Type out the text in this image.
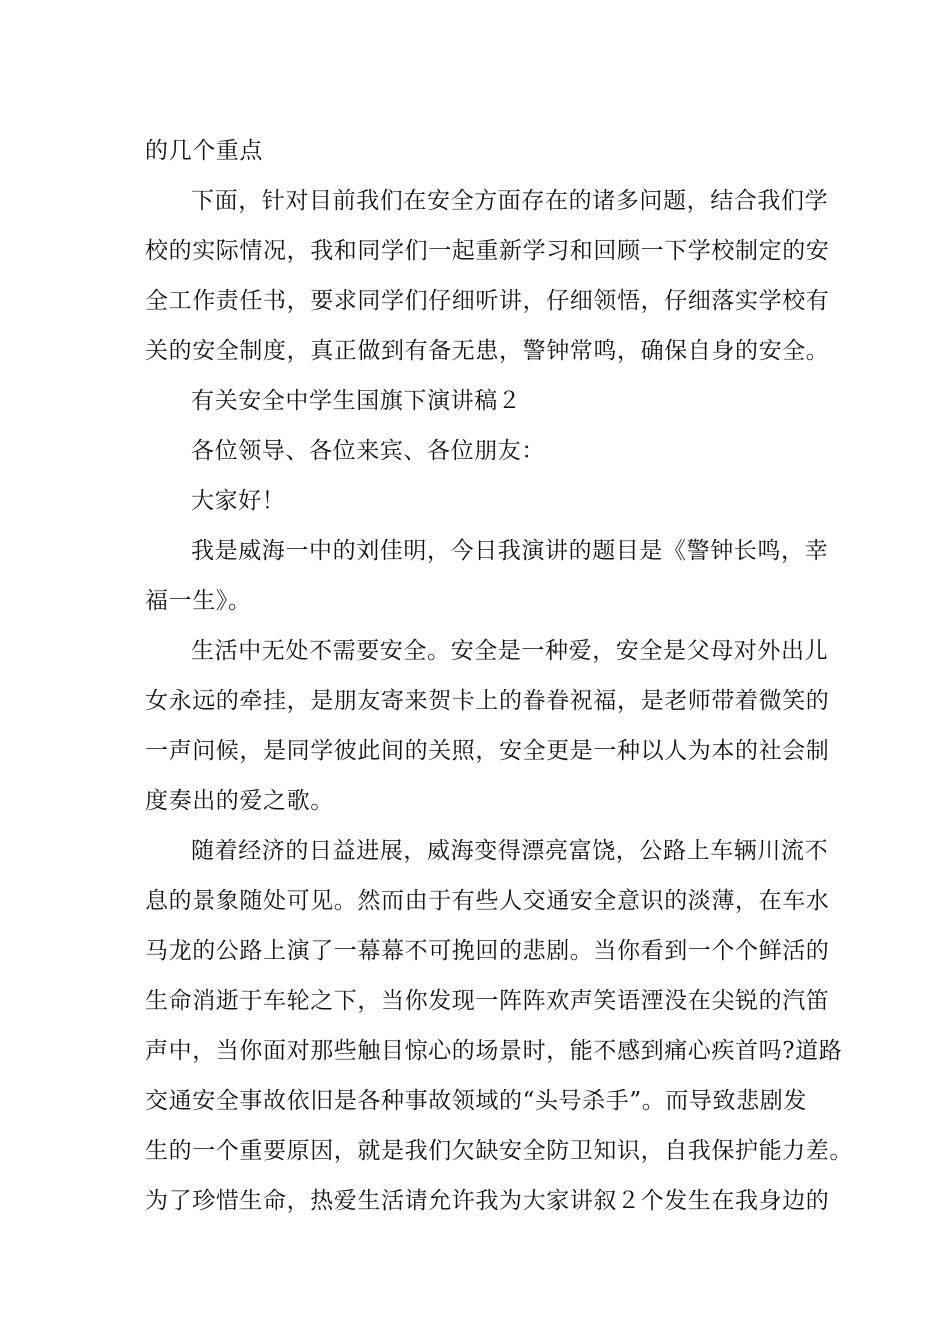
的几个重点
下面，针对目前我们在安全方面存在的诸多问题，结合我们学
校的实际情况，我和同学们一起重新学习和回顾一下学校制定的安
全工作责任书，要求同学们仔细听讲，仔细领悟，仔细落实学校有
关的安全制度，真正做到有备无患，警钟常鸣，确保自身的安全。
有关安全中学生国旗下演讲稿２
各位领导、各位来宾、各位朋友：
大家好！
我是威海一中的刘佳明，今日我演讲的题目是《警钟长鸣，幸
福一生》。
生活中无处不需要安全。安全是一种爱，安全是父母对外出儿
女永远的牵挂，是朋友寄来贺卡上的眷眷祝福，是老师带着微笑的
一声问候，是同学彼此间的关照，安全更是一种以人为本的社会制
度奏出的爱之歌。
随着经济的日益进展，威海变得漂亮富饶，公路上车辆川流不
息的景象随处可见。然而由于有些人交通安全意识的淡薄，在车水
马龙的公路上演了一幕幕不可挽回的悲剧。当你看到一个个鲜活的
生命消逝于车轮之下，当你发现一阵阵欢声笑语湮没在尖锐的汽笛
声中，当你面对那些触目惊心的场景时，能不感到痛心疾首吗?道路
交通安全事故依旧是各种事故领域的“头号杀手”。而导致悲剧发
生的一个重要原因，就是我们欠缺安全防卫知识，自我保护能力差。
为了珍惜生命，热爱生活请允许我为大家讲叙２个发生在我身边的
